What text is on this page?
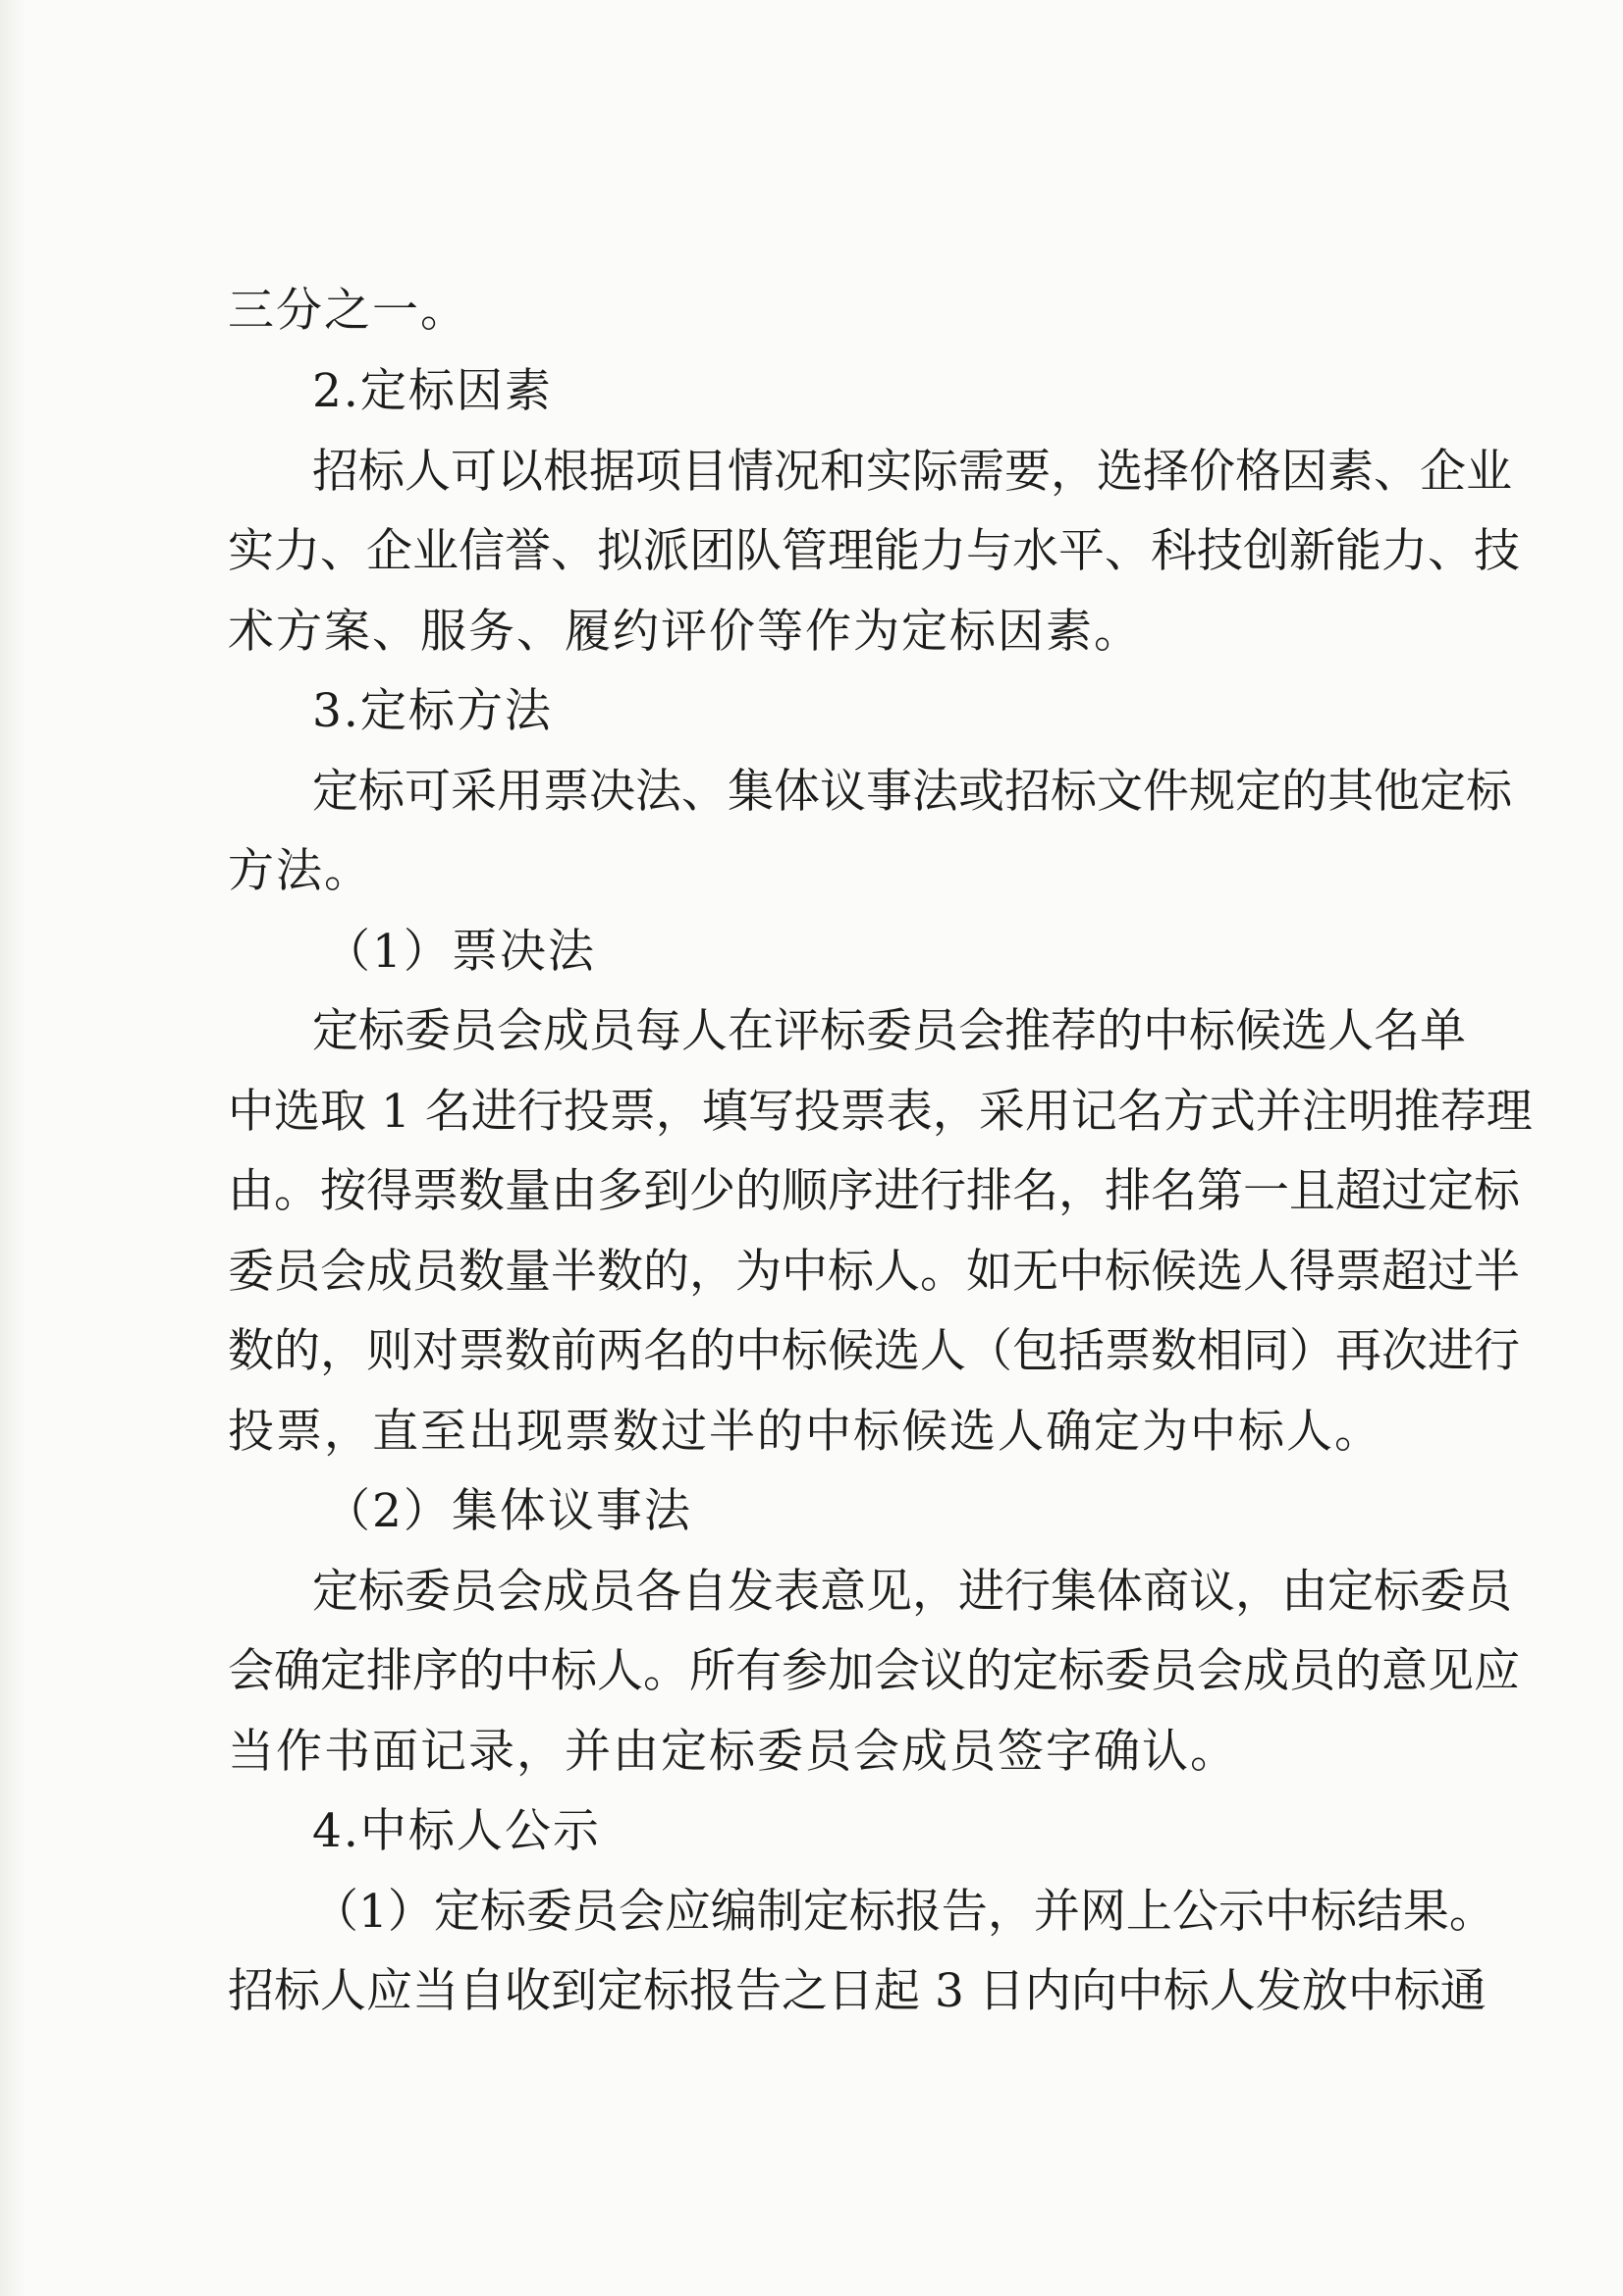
三分之一。
2.定标因素
招标人可以根据项目情况和实际需要，选择价格因素、企业
实力、企业信誉、拟派团队管理能力与水平、科技创新能力、技
术方案、服务、履约评价等作为定标因素。
3.定标方法
定标可采用票决法、集体议事法或招标文件规定的其他定标
方法。
（1）票决法
定标委员会成员每人在评标委员会推荐的中标候选人名单
中选取 1 名进行投票，填写投票表，采用记名方式并注明推荐理
由。按得票数量由多到少的顺序进行排名，排名第一且超过定标
委员会成员数量半数的，为中标人。如无中标候选人得票超过半
数的，则对票数前两名的中标候选人（包括票数相同）再次进行
投票，直至出现票数过半的中标候选人确定为中标人。
（2）集体议事法
定标委员会成员各自发表意见，进行集体商议，由定标委员
会确定排序的中标人。所有参加会议的定标委员会成员的意见应
当作书面记录，并由定标委员会成员签字确认。
4.中标人公示
（1）定标委员会应编制定标报告，并网上公示中标结果。
招标人应当自收到定标报告之日起 3 日内向中标人发放中标通
